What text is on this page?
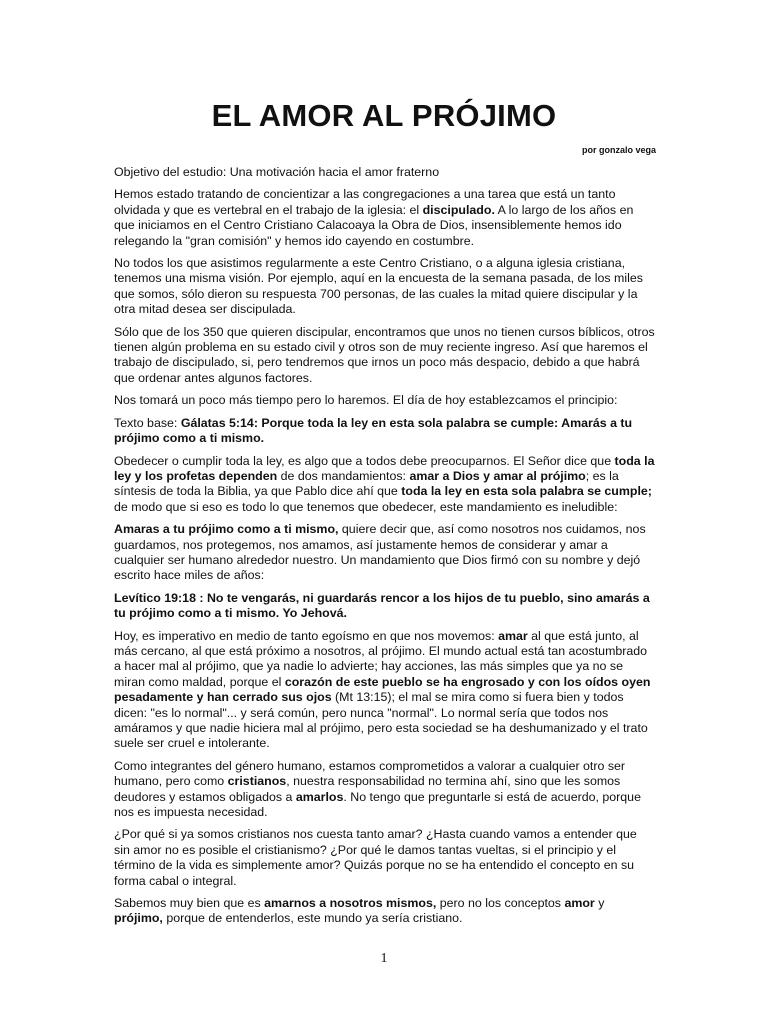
EL AMOR AL PRÓJIMO

por gonzalo vega

Objetivo del estudio: Una motivación hacia el amor fraterno

Hemos estado tratando de concientizar a las congregaciones a una tarea que está un tanto olvidada y que es vertebral en el trabajo de la iglesia: el discipulado. A lo largo de los años en que iniciamos en el Centro Cristiano Calacoaya la Obra de Dios, insensiblemente hemos ido relegando la "gran comisión" y hemos ido cayendo en costumbre.

No todos los que asistimos regularmente a este Centro Cristiano, o a alguna iglesia cristiana, tenemos una misma visión. Por ejemplo, aquí en la encuesta de la semana pasada, de los miles que somos, sólo dieron su respuesta 700 personas, de las cuales la mitad quiere discipular y la otra mitad desea ser discipulada.

Sólo que de los 350 que quieren discipular, encontramos que unos no tienen cursos bíblicos, otros tienen algún problema en su estado civil y otros son de muy reciente ingreso. Así que haremos el trabajo de discipulado, si, pero tendremos que irnos un poco más despacio, debido a que habrá que ordenar antes algunos factores.

Nos tomará un poco más tiempo pero lo haremos. El día de hoy establezcamos el principio:

Texto base: Gálatas 5:14: Porque toda la ley en esta sola palabra se cumple: Amarás a tu prójimo como a ti mismo.

Obedecer o cumplir toda la ley, es algo que a todos debe preocuparnos. El Señor dice que toda la ley y los profetas dependen de dos mandamientos: amar a Dios y amar al prójimo; es la síntesis de toda la Biblia, ya que Pablo dice ahí que toda la ley en esta sola palabra se cumple; de modo que si eso es todo lo que tenemos que obedecer, este mandamiento es ineludible:

Amaras a tu prójimo como a ti mismo, quiere decir que, así como nosotros nos cuidamos, nos guardamos, nos protegemos, nos amamos, así justamente hemos de considerar y amar a cualquier ser humano alrededor nuestro. Un mandamiento que Dios firmó con su nombre y dejó escrito hace miles de años:

Levítico 19:18 : No te vengarás, ni guardarás rencor a los hijos de tu pueblo, sino amarás a tu prójimo como a ti mismo. Yo Jehová.

Hoy, es imperativo en medio de tanto egoísmo en que nos movemos: amar al que está junto, al más cercano, al que está próximo a nosotros, al prójimo. El mundo actual está tan acostumbrado a hacer mal al prójimo, que ya nadie lo advierte; hay acciones, las más simples que ya no se miran como maldad, porque el corazón de este pueblo se ha engrosado y con los oídos oyen pesadamente y han cerrado sus ojos (Mt 13:15); el mal se mira como si fuera bien y todos dicen: "es lo normal"... y será común, pero nunca "normal". Lo normal sería que todos nos amáramos y que nadie hiciera mal al prójimo, pero esta sociedad se ha deshumanizado y el trato suele ser cruel e intolerante.

Como integrantes del género humano, estamos comprometidos a valorar a cualquier otro ser humano, pero como cristianos, nuestra responsabilidad no termina ahí, sino que les somos deudores y estamos obligados a amarlos. No tengo que preguntarle si está de acuerdo, porque nos es impuesta necesidad.

¿Por qué si ya somos cristianos nos cuesta tanto amar? ¿Hasta cuando vamos a entender que sin amor no es posible el cristianismo? ¿Por qué le damos tantas vueltas, si el principio y el término de la vida es simplemente amor? Quizás porque no se ha entendido el concepto en su forma cabal o integral.

Sabemos muy bien que es amarnos a nosotros mismos, pero no los conceptos amor y prójimo, porque de entenderlos, este mundo ya sería cristiano.

1
